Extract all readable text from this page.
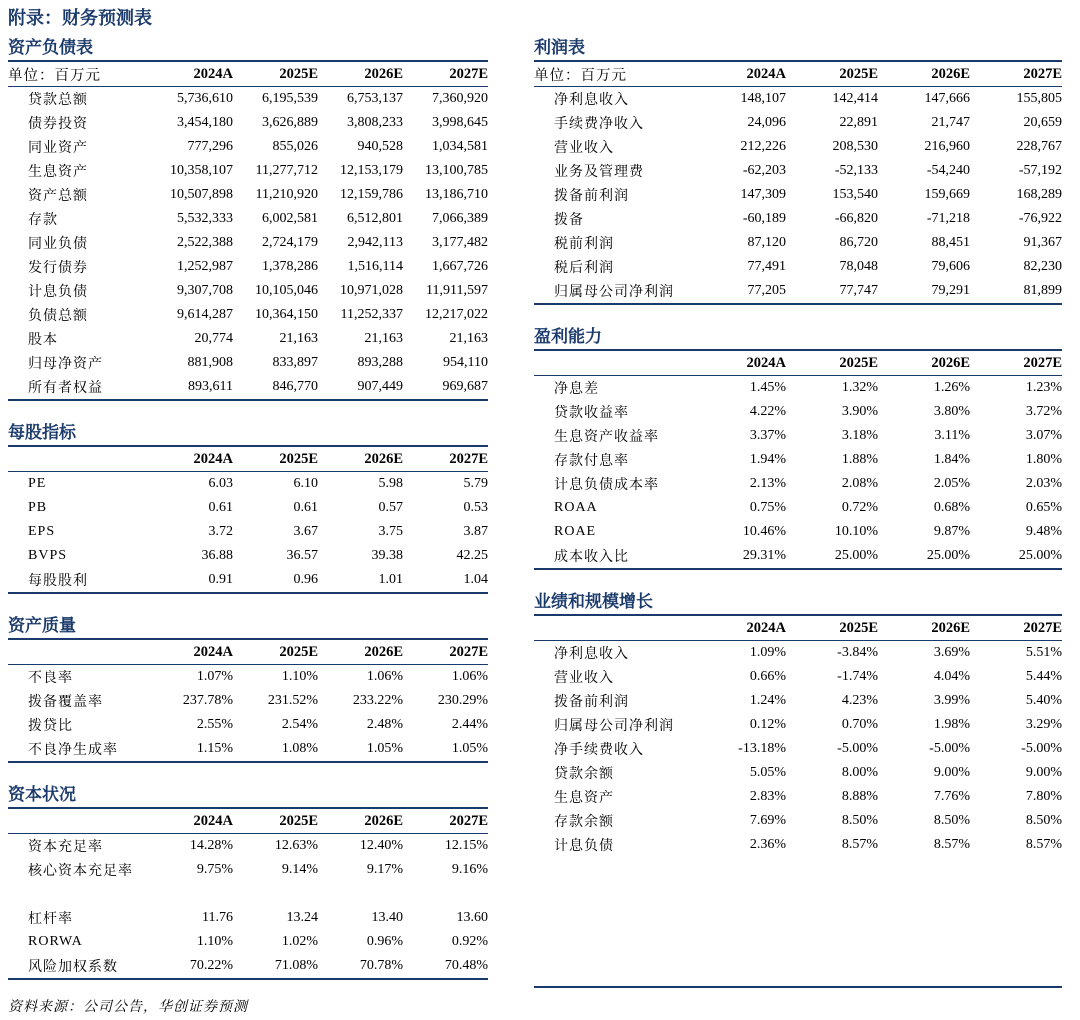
附录：财务预测表
资产负债表
单位：百万元	2024A	2025E	2026E	2027E
贷款总额	5,736,610	6,195,539	6,753,137	7,360,920
债券投资	3,454,180	3,626,889	3,808,233	3,998,645
同业资产	777,296	855,026	940,528	1,034,581
生息资产	10,358,107	11,277,712	12,153,179	13,100,785
资产总额	10,507,898	11,210,920	12,159,786	13,186,710
存款	5,532,333	6,002,581	6,512,801	7,066,389
同业负债	2,522,388	2,724,179	2,942,113	3,177,482
发行债券	1,252,987	1,378,286	1,516,114	1,667,726
计息负债	9,307,708	10,105,046	10,971,028	11,911,597
负债总额	9,614,287	10,364,150	11,252,337	12,217,022
股本	20,774	21,163	21,163	21,163
归母净资产	881,908	833,897	893,288	954,110
所有者权益	893,611	846,770	907,449	969,687
每股指标
	2024A	2025E	2026E	2027E
PE	6.03	6.10	5.98	5.79
PB	0.61	0.61	0.57	0.53
EPS	3.72	3.67	3.75	3.87
BVPS	36.88	36.57	39.38	42.25
每股股利	0.91	0.96	1.01	1.04
资产质量
	2024A	2025E	2026E	2027E
不良率	1.07%	1.10%	1.06%	1.06%
拨备覆盖率	237.78%	231.52%	233.22%	230.29%
拨贷比	2.55%	2.54%	2.48%	2.44%
不良净生成率	1.15%	1.08%	1.05%	1.05%
资本状况
	2024A	2025E	2026E	2027E
资本充足率	14.28%	12.63%	12.40%	12.15%
核心资本充足率	9.75%	9.14%	9.17%	9.16%

杠杆率	11.76	13.24	13.40	13.60
RORWA	1.10%	1.02%	0.96%	0.92%
风险加权系数	70.22%	71.08%	70.78%	70.48%
利润表
单位：百万元	2024A	2025E	2026E	2027E
净利息收入	148,107	142,414	147,666	155,805
手续费净收入	24,096	22,891	21,747	20,659
营业收入	212,226	208,530	216,960	228,767
业务及管理费	-62,203	-52,133	-54,240	-57,192
拨备前利润	147,309	153,540	159,669	168,289
拨备	-60,189	-66,820	-71,218	-76,922
税前利润	87,120	86,720	88,451	91,367
税后利润	77,491	78,048	79,606	82,230
归属母公司净利润	77,205	77,747	79,291	81,899
盈利能力
	2024A	2025E	2026E	2027E
净息差	1.45%	1.32%	1.26%	1.23%
贷款收益率	4.22%	3.90%	3.80%	3.72%
生息资产收益率	3.37%	3.18%	3.11%	3.07%
存款付息率	1.94%	1.88%	1.84%	1.80%
计息负债成本率	2.13%	2.08%	2.05%	2.03%
ROAA	0.75%	0.72%	0.68%	0.65%
ROAE	10.46%	10.10%	9.87%	9.48%
成本收入比	29.31%	25.00%	25.00%	25.00%
业绩和规模增长
	2024A	2025E	2026E	2027E
净利息收入	1.09%	-3.84%	3.69%	5.51%
营业收入	0.66%	-1.74%	4.04%	5.44%
拨备前利润	1.24%	4.23%	3.99%	5.40%
归属母公司净利润	0.12%	0.70%	1.98%	3.29%
净手续费收入	-13.18%	-5.00%	-5.00%	-5.00%
贷款余额	5.05%	8.00%	9.00%	9.00%
生息资产	2.83%	8.88%	7.76%	7.80%
存款余额	7.69%	8.50%	8.50%	8.50%
计息负债	2.36%	8.57%	8.57%	8.57%
资料来源：公司公告，华创证券预测
